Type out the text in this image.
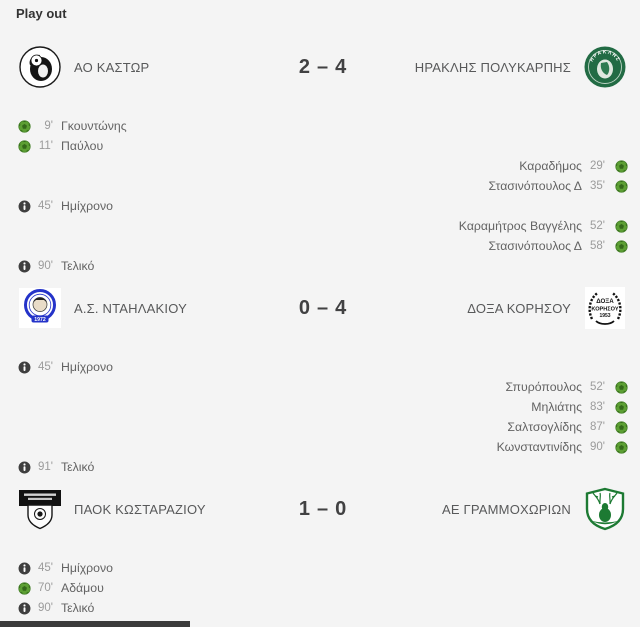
Play out
ΑΟ ΚΑΣΤΩΡ	2 – 4	ΗΡΑΚΛΗΣ ΠΟΛΥΚΑΡΠΗΣ
ΗΡΑΚΛΗΣ
9' Γκουντώνης
11' Παύλου
Καραδήμος 29'
Στασινόπουλος Δ 35'
45' Ημίχρονο
Καραμήτρος Βαγγέλης 52'
Στασινόπουλος Δ 58'
90' Τελικό
1972
Α.Σ. ΝΤΑΗΛΑΚΙΟΥ	0 – 4	ΔΟΞΑ ΚΟΡΗΣΟΥ	ΔΟΞΑ
ΚΟΡΗΣΟΥ
1953
45' Ημίχρονο
Σπυρόπουλος 52'
Μηλιάτης 83'
Σαλτσογλίδης 87'
Κωνσταντινίδης 90'
91' Τελικό
ΠΑΟΚ ΚΩΣΤΑΡΑΖΙΟΥ	1 – 0	ΑΕ ΓΡΑΜΜΟΧΩΡΙΩΝ
45' Ημίχρονο
70' Αδάμου
90' Τελικό
